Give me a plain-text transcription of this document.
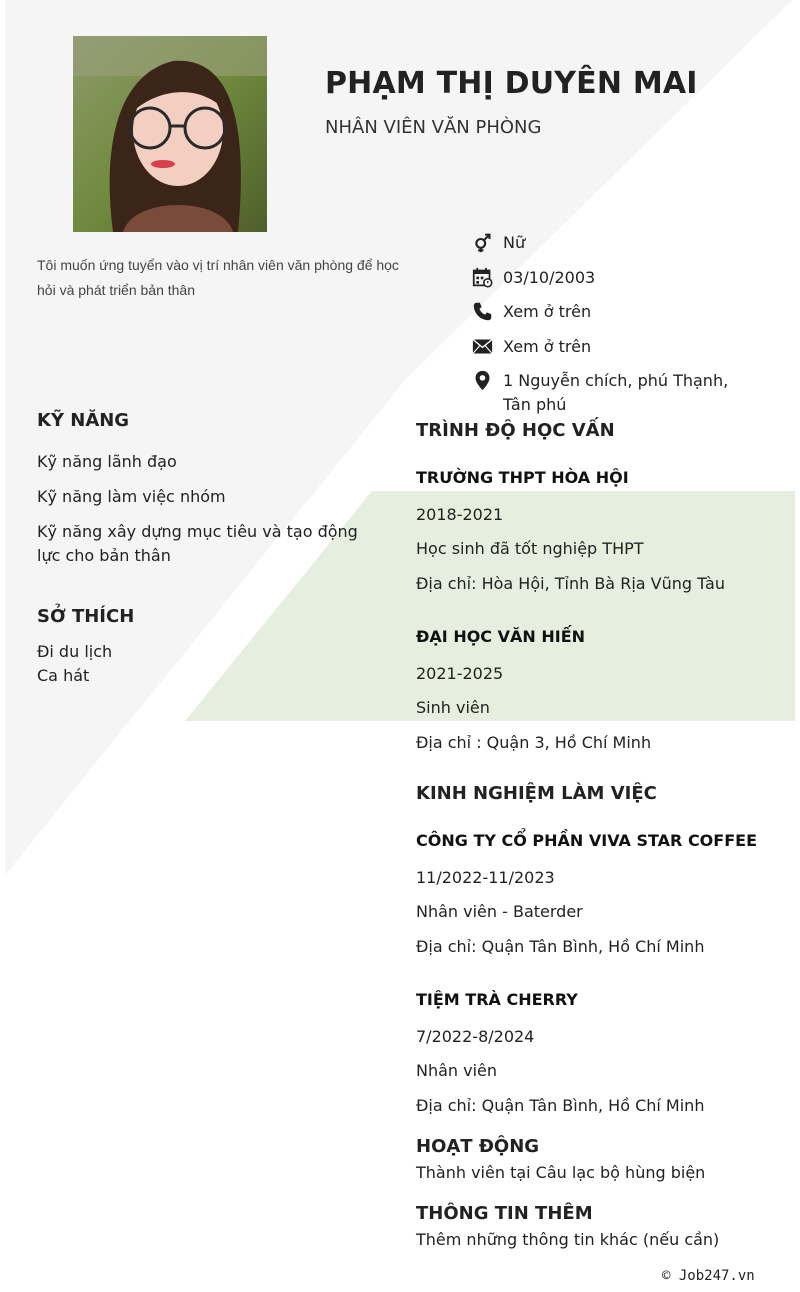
PHẠM THỊ DUYÊN MAI
NHÂN VIÊN VĂN PHÒNG
Tôi muốn ứng tuyển vào vị trí nhân viên văn phòng để học hỏi và phát triển bản thân
Nữ
03/10/2003
Xem ở trên
Xem ở trên
1 Nguyễn chích, phú Thạnh, Tân phú
KỸ NĂNG
Kỹ năng lãnh đạo
Kỹ năng làm việc nhóm
Kỹ năng xây dựng mục tiêu và tạo động lực cho bản thân
SỞ THÍCH
Đi du lịch
Ca hát
TRÌNH ĐỘ HỌC VẤN
TRƯỜNG THPT HÒA HỘI
2018-2021
Học sinh đã tốt nghiệp THPT
Địa chỉ: Hòa Hội, Tỉnh Bà Rịa Vũng Tàu
ĐẠI HỌC VĂN HIẾN
2021-2025
Sinh viên
Địa chỉ : Quận 3, Hồ Chí Minh
KINH NGHIỆM LÀM VIỆC
CÔNG TY CỔ PHẦN VIVA STAR COFFEE
11/2022-11/2023
Nhân viên - Baterder
Địa chỉ: Quận Tân Bình, Hồ Chí Minh
TIỆM TRÀ CHERRY
7/2022-8/2024
Nhân viên
Địa chỉ: Quận Tân Bình, Hồ Chí Minh
HOẠT ĐỘNG
Thành viên tại Câu lạc bộ hùng biện
THÔNG TIN THÊM
Thêm những thông tin khác (nếu cần)
© Job247.vn
